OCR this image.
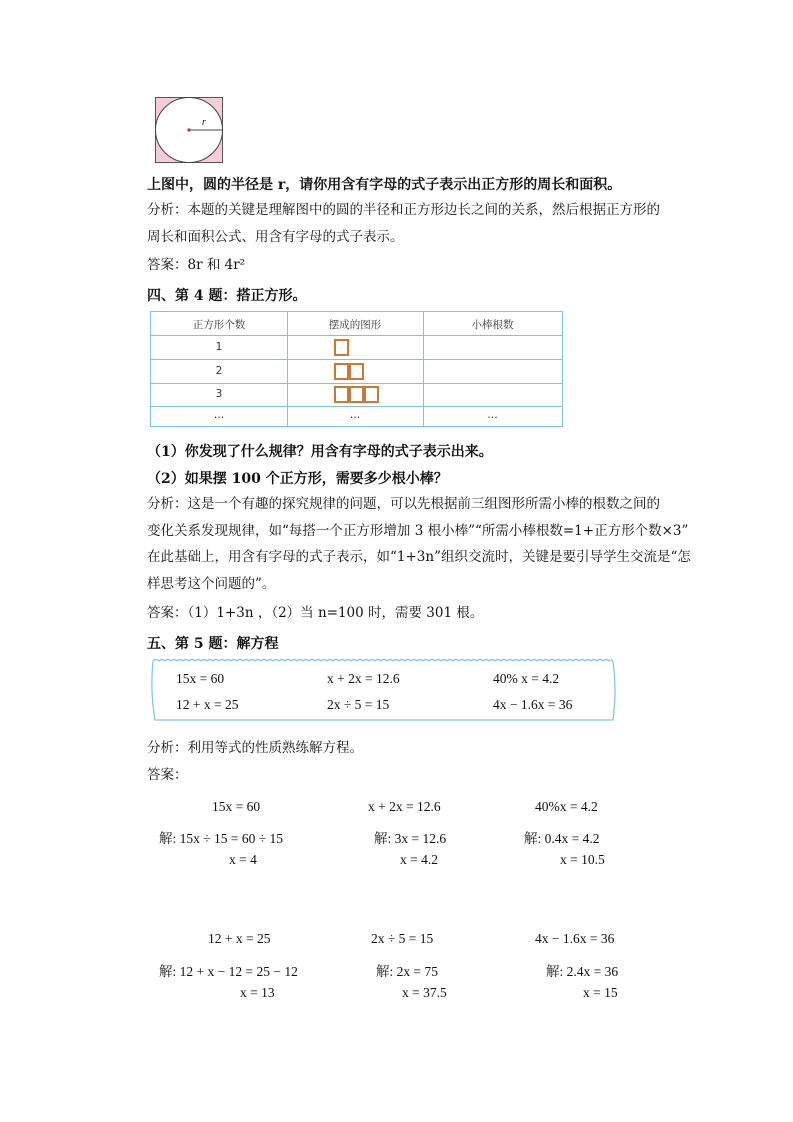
r
上图中，圆的半径是 r，请你用含有字母的式子表示出正方形的周长和面积。
分析：本题的关键是理解图中的圆的半径和正方形边长之间的关系，然后根据正方形的
周长和面积公式、用含有字母的式子表示。
答案：8r 和 4r²
四、第 4 题：搭正方形。
正方形个数	摆成的图形	小棒根数
1
2
3
…	…	…
（1）你发现了什么规律？用含有字母的式子表示出来。
（2）如果摆 100 个正方形，需要多少根小棒？
分析：这是一个有趣的探究规律的问题，可以先根据前三组图形所需小棒的根数之间的
变化关系发现规律，如“每搭一个正方形增加 3 根小棒”“所需小棒根数=1+正方形个数×3”
在此基础上，用含有字母的式子表示，如“1+3n”组织交流时，关键是要引导学生交流是“怎
样思考这个问题的”。
答案：（1）1+3n ，（2）当 n=100 时，需要 301 根。
五、第 5 题：解方程
15x = 60	x + 2x = 12.6	40% x = 4.2
12 + x = 25	2x ÷ 5 = 15	4x − 1.6x = 36
分析：利用等式的性质熟练解方程。
答案：
15x = 60
解: 15x ÷ 15 = 60 ÷ 15
x = 4
x + 2x = 12.6
解: 3x = 12.6
x = 4.2
40%x = 4.2
解: 0.4x = 4.2
x = 10.5
12 + x = 25
解: 12 + x − 12 = 25 − 12
x = 13
2x ÷ 5 = 15
解: 2x = 75
x = 37.5
4x − 1.6x = 36
解: 2.4x = 36
x = 15
